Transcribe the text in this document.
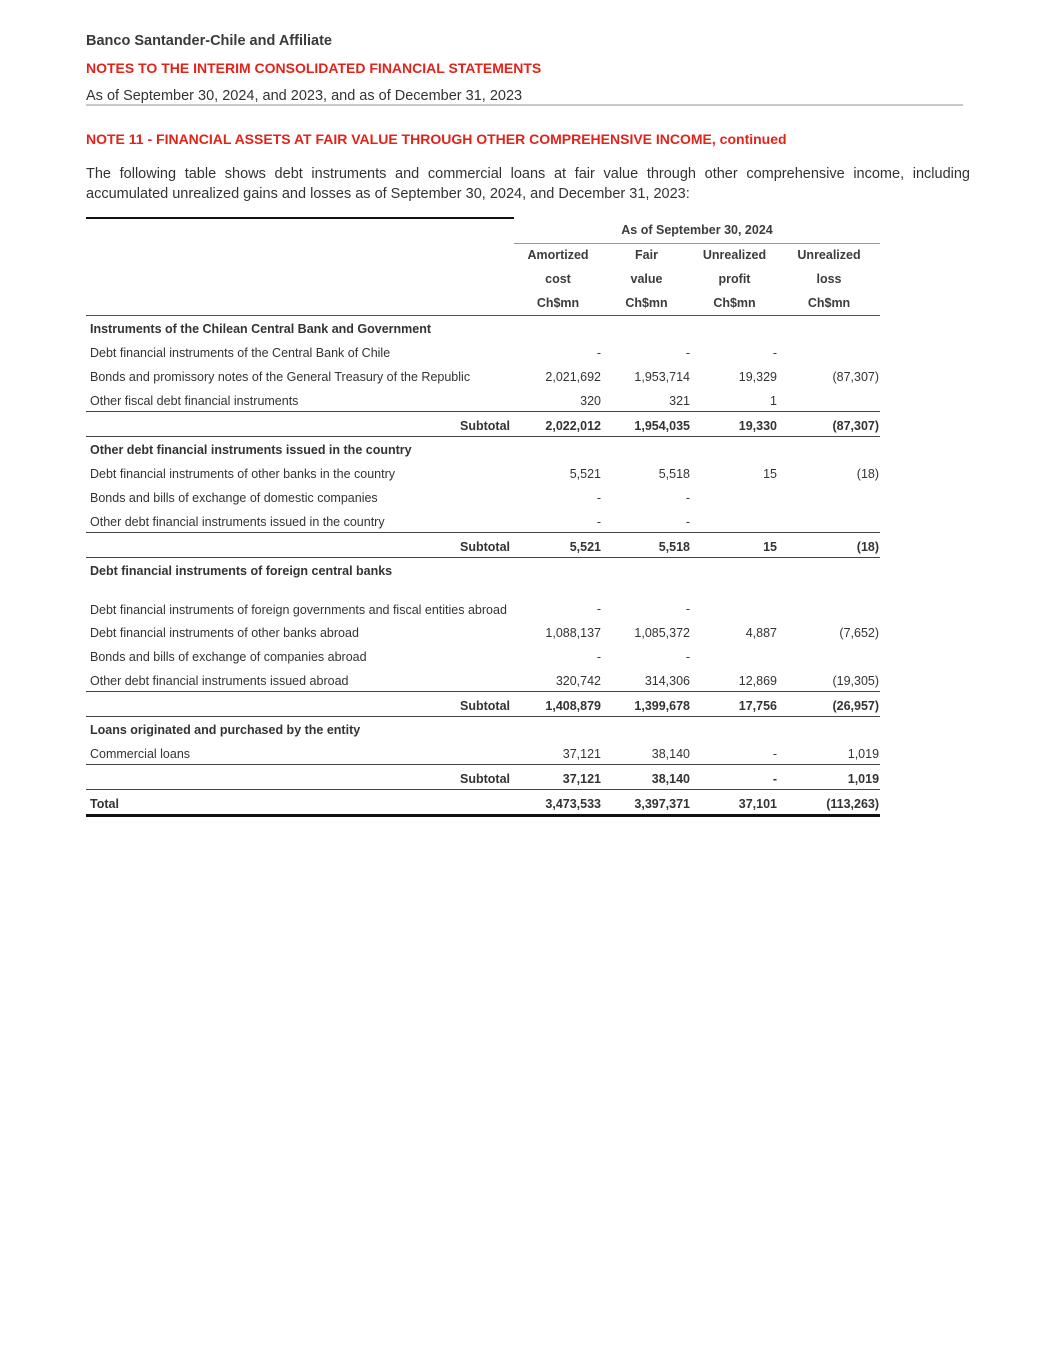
Banco Santander-Chile and Affiliate
NOTES TO THE INTERIM CONSOLIDATED FINANCIAL STATEMENTS
As of September 30, 2024, and 2023, and as of December 31, 2023
NOTE 11 - FINANCIAL ASSETS AT FAIR VALUE THROUGH OTHER COMPREHENSIVE INCOME, continued
The following table shows debt instruments and commercial loans at fair value through other comprehensive income, including accumulated unrealized gains and losses as of September 30, 2024, and December 31, 2023:
	As of September 30, 2024			
	Amortized	Fair	Unrealized	Unrealized
	cost	value	profit	loss
	Ch$mn	Ch$mn	Ch$mn	Ch$mn
Instruments of the Chilean Central Bank and Government				
Debt financial instruments of the Central Bank of Chile	-	-	-	
Bonds and promissory notes of the General Treasury of the Republic	2,021,692	1,953,714	19,329	(87,307)
Other fiscal debt financial instruments	320	321	1	
Subtotal	2,022,012	1,954,035	19,330	(87,307)
Other debt financial instruments issued in the country				
Debt financial instruments of other banks in the country	5,521	5,518	15	(18)
Bonds and bills of exchange of domestic companies	-	-		
Other debt financial instruments issued in the country	-	-		
Subtotal	5,521	5,518	15	(18)
Debt financial instruments of foreign central banks				
Debt financial instruments of foreign governments and fiscal entities abroad	-	-		
Debt financial instruments of other banks abroad	1,088,137	1,085,372	4,887	(7,652)
Bonds and bills of exchange of companies abroad	-	-		
Other debt financial instruments issued abroad	320,742	314,306	12,869	(19,305)
Subtotal	1,408,879	1,399,678	17,756	(26,957)
Loans originated and purchased by the entity				
Commercial loans	37,121	38,140	-	1,019
Subtotal	37,121	38,140	-	1,019
Total	3,473,533	3,397,371	37,101	(113,263)
